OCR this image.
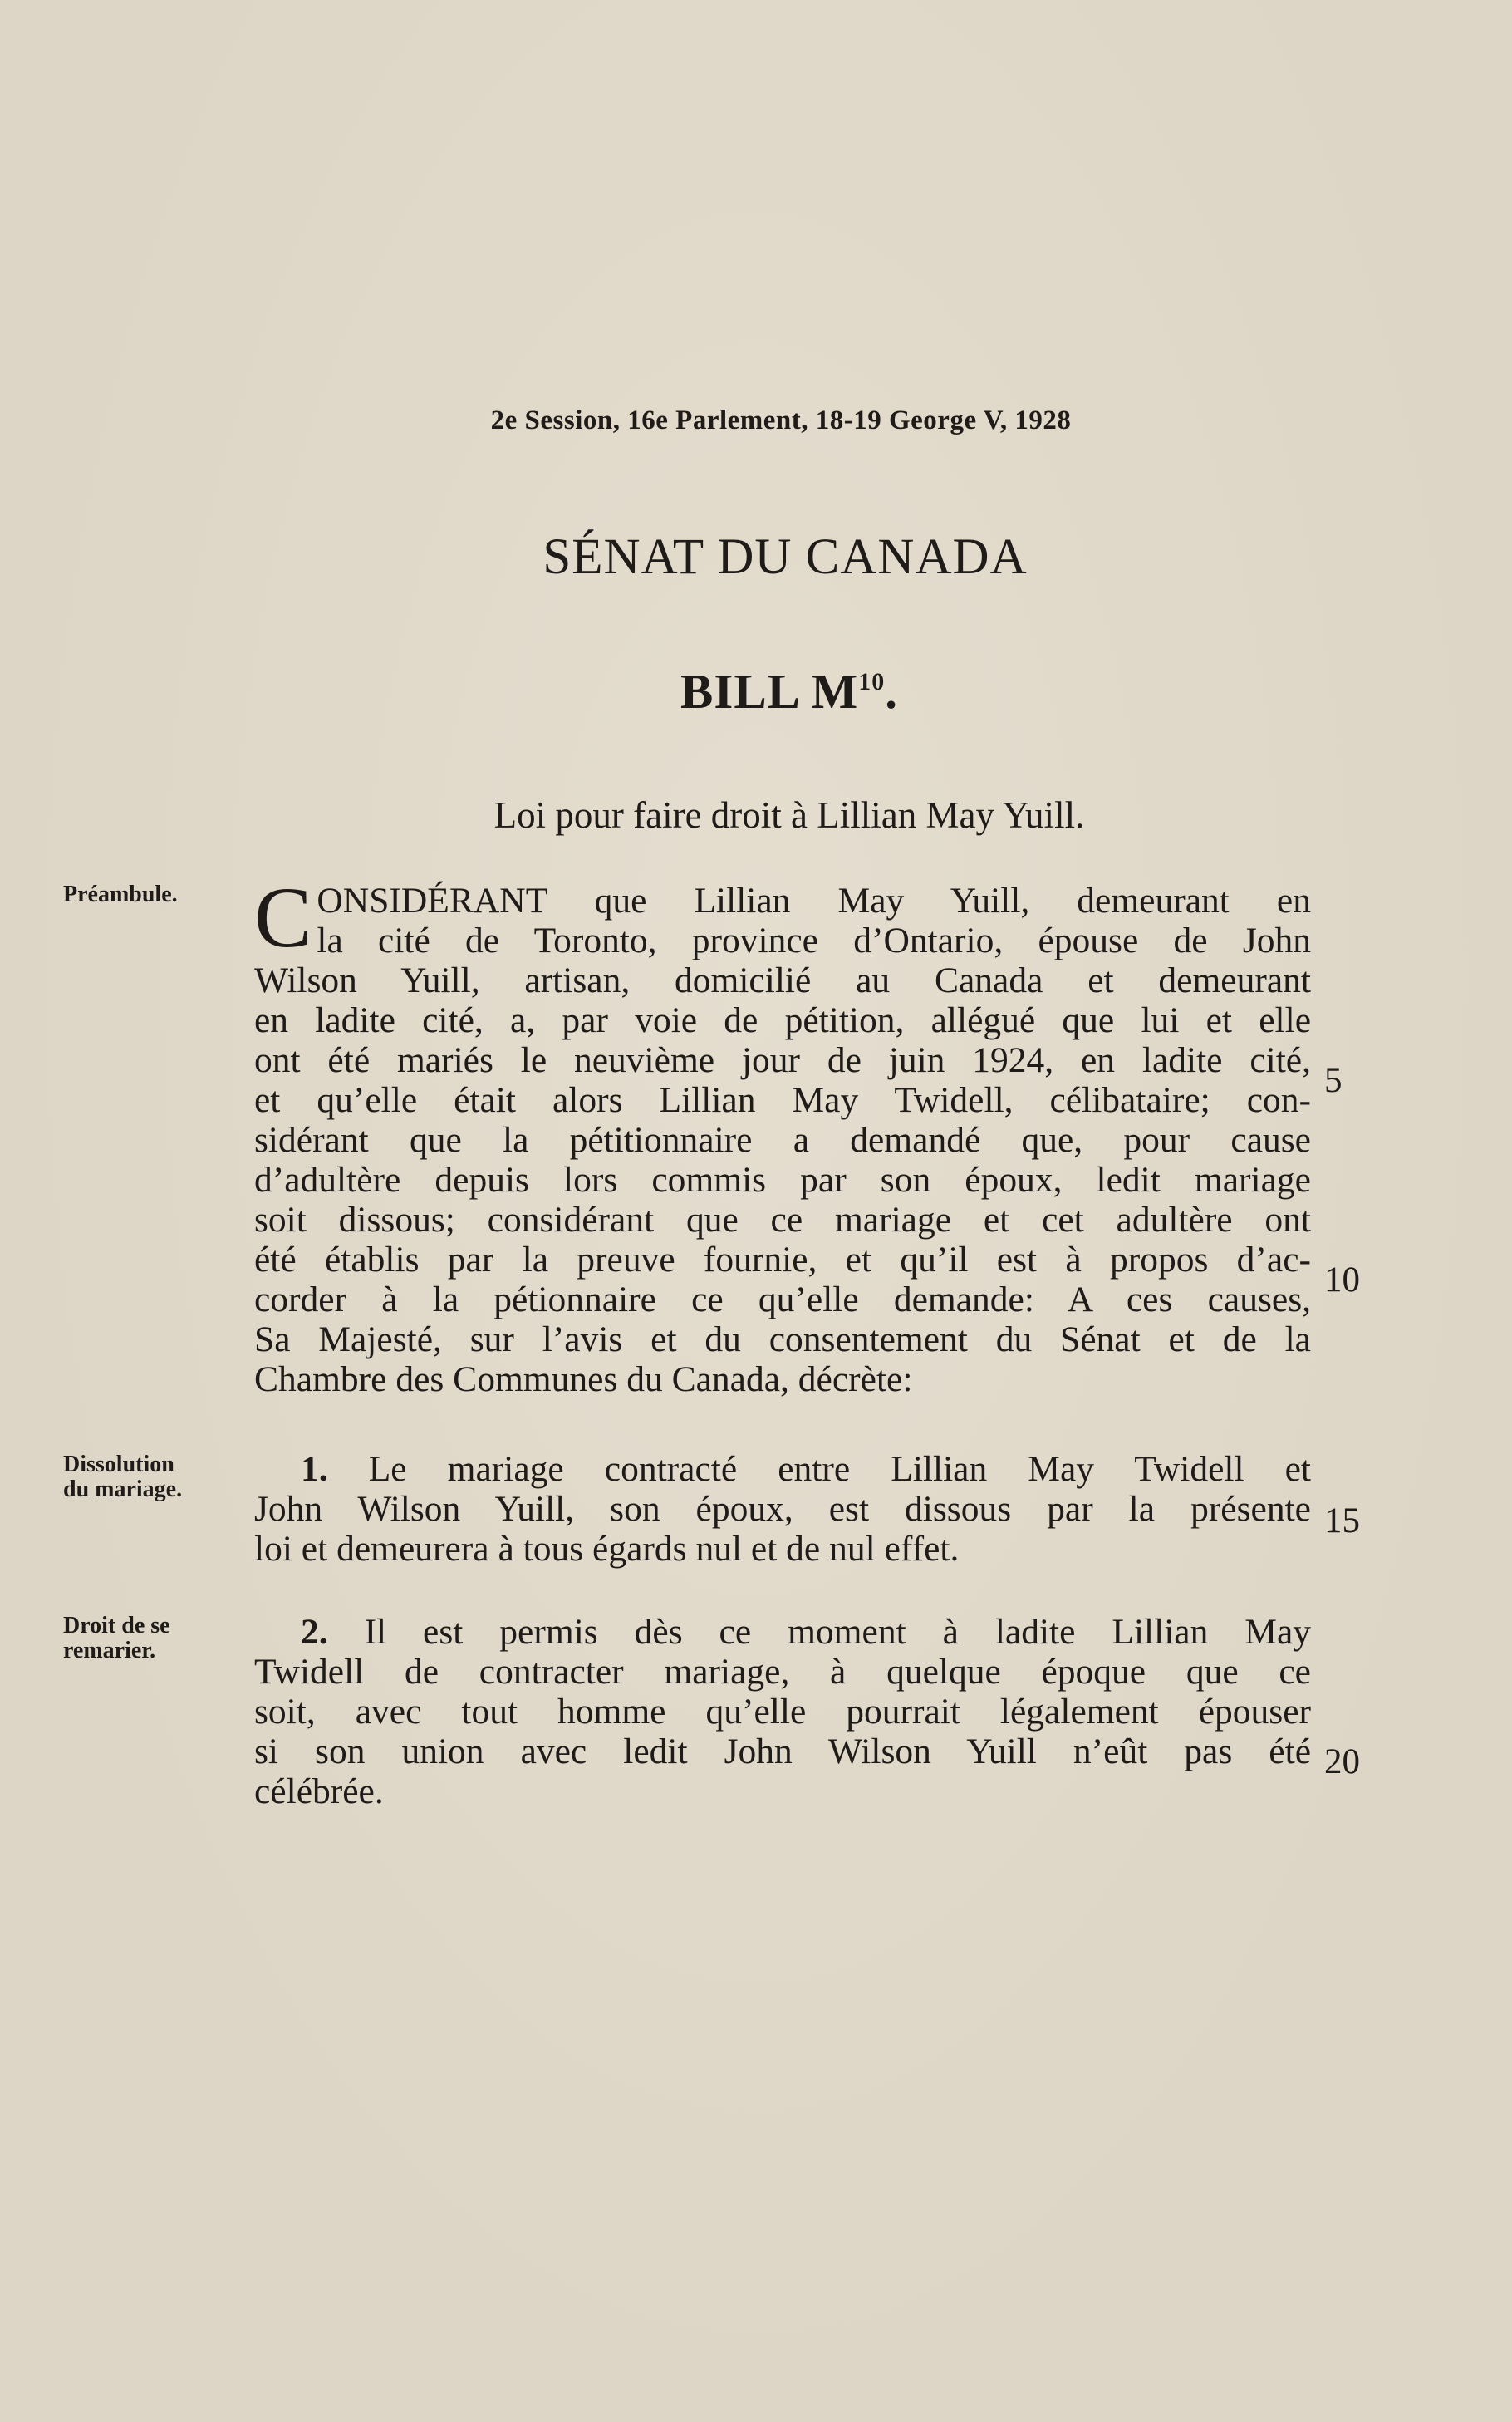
2e Session, 16e Parlement, 18-19 George V, 1928
SÉNAT DU CANADA
BILL $M^{10}$.
Loi pour faire droit à Lillian May Yuill.
Préambule. C ONSIDÉRANT que Lillian May Yuill, demeurant en
la cité de Toronto, province d’Ontario, épouse de John
Wilson Yuill, artisan, domicilié au Canada et demeurant
en ladite cité, a, par voie de pétition, allégué que lui et elle
ont été mariés le neuvième jour de juin 1924, en ladite cité,
et qu’elle était alors Lillian May Twidell, célibataire; con-
sidérant que la pétitionnaire a demandé que, pour cause
d’adultère depuis lors commis par son époux, ledit mariage
soit dissous; considérant que ce mariage et cet adultère ont
été établis par la preuve fournie, et qu’il est à propos d’ac-
corder à la pétionnaire ce qu’elle demande: A ces causes,
Sa Majesté, sur l’avis et du consentement du Sénat et de la
Chambre des Communes du Canada, décrète:
Dissolution
du mariage.
1. Le mariage contracté entre Lillian May Twidell et
John Wilson Yuill, son époux, est dissous par la présente
loi et demeurera à tous égards nul et de nul effet.
Droit de se
remarier.	2. Il est permis dès ce moment à ladite Lillian May
Twidell de contracter mariage, à quelque époque que ce
soit, avec tout homme qu’elle pourrait légalement épouser
si son union avec ledit John Wilson Yuill n’eût pas été
célébrée.
5
10
15
20
